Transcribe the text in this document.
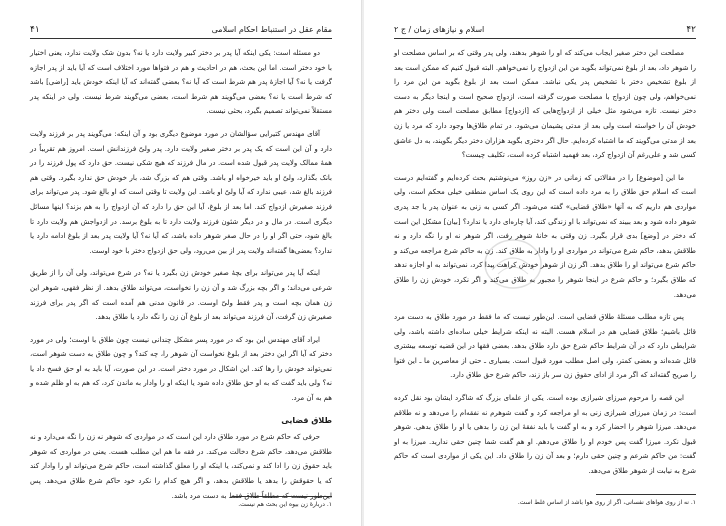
۴۱	مقام عقل در استنباط احکام اسلامی

دو مسئله است: یکی اینکه آیا پدر بر دختر کبیر ولایت دارد یا نه؟ بدون شک ولایت ندارد، یعنی اختیار با خود دختر است. اما این بحث، هم در احادیث و هم در فتواها مورد اختلاف است که آیا باید از پدر اجازه گرفت یا نه؟ آیا اجازهٔ پدر هم شرط است که آیا نه؟ بعضی گفته‌اند که آیا اینکه خودش باید [راضی] باشد که شرط است یا نه؟ بعضی می‌گویند هم شرط است، بعضی می‌گویند شرط نیست. ولی در اینکه پدر مستقلاً نمی‌تواند تصمیم بگیرد، بحثی نیست.

آقای مهندس کتیرایی سؤالشان در مورد موضوع دیگری بود و آن اینکه: می‌گویند پدر بر فرزند ولایت دارد و آن این است که یک پدر بر دختر صغیر ولایت دارد. پدر ولیّ فرزندانش است. امروز هم تقریباً در همهٔ ممالک ولایت پدر قبول شده است. در مال فرزند که هیچ شکی نیست. حق دارد که پول فرزند را در بانک بگذارد، ولیّ او باید خیرخواه او باشد. وقتی هم که بزرگ شد، بار خودش حق ندارد بگیرد. وقتی هم فرزند بالغ شد، عیبی ندارد که آیا ولیّ او باشد. این ولایت تا وقتی است که او بالغ شود. پدر می‌تواند برای فرزند صغیرش ازدواج کند. اما بعد از بلوغ، آیا این حق را دارد که آن ازدواج را به هم بزند؟ اینها مسائل دیگری است. در مال و در دیگر شئون فرزند ولایت دارد تا به بلوغ برسد. در ازدواجش هم ولایت دارد تا بالغ شود، حتی اگر او را در حال صغر شوهر داده باشد، که آیا نه؟ آیا ولایت پدر بعد از بلوغ ادامه دارد یا ندارد؟ بعضی‌ها گفته‌اند ولایت پدر از بین می‌رود، ولی حق ازدواج دختر با خود اوست.

اینکه آیا پدر می‌تواند برای بچهٔ صغیر خودش زن بگیرد یا نه؟ در شرع می‌تواند، ولی آن را از طریق شرعی می‌داند؛ و اگر بچه بزرگ شد و آن زن را نخواست، می‌تواند طلاق بدهد. از نظر فقهی، شوهر این زن همان بچه است و پدر فقط ولیّ اوست. در قانون مدنی هم آمده است که اگر پدر برای فرزند صغیرش زن گرفت، آن فرزند می‌تواند بعد از بلوغ آن زن را نگه دارد یا طلاق بدهد.

ایراد آقای مهندس این بود که در مورد پسر مشکل چندانی نیست چون طلاق با اوست؛ ولی در مورد دختر که آیا اگر این دختر بعد از بلوغ نخواست آن شوهر را، چه کند؟ و چون طلاق به دست شوهر است، نمی‌تواند خودش را رها کند. این اشکال در مورد دختر است. در این صورت، آیا باید به او حق فسخ داد یا نه؟ ولی باید گفت که به او حق طلاق داده شود یا اینکه او را وادار به ماندن کرد، که هم به او ظلم شده و هم به آن مرد.

طلاق قضایی

حرفی که حاکم شرع در مورد طلاق دارد این است که در مواردی که شوهر نه زن را نگه می‌دارد و نه طلاقش می‌دهد، حاکم شرع دخالت می‌کند. در فقه ما هم این مطلب هست. یعنی در مواردی که شوهر باید حقوق زن را ادا کند و نمی‌کند، یا اینکه او را معلق گذاشته است، حاکم شرع می‌تواند او را وادار کند که یا حقوقش را بدهد یا طلاقش بدهد، و اگر هیچ کدام را نکرد خود حاکم شرع طلاق می‌دهد. پس این‌طور نیست که مطلقاً طلاق فقط به دست مرد باشد.

۱. دربارهٔ زن بیوه این بحث هم نیست.
۴۲
اسلام و نیازهای زمان / ج ۲

مصلحت این دختر صغیر ایجاب می‌کند که او را شوهر بدهند، ولی پدر وقتی که بر اساس مصلحت او را شوهر داد، بعد از بلوغ نمی‌تواند بگوید من این ازدواج را نمی‌خواهم. البته قبول کنیم که ممکن است بعد از بلوغ تشخیص دختر با تشخیص پدر یکی نباشد. ممکن است بعد از بلوغ بگوید من این مرد را نمی‌خواهم، ولی چون ازدواج با مصلحت صورت گرفته است، ازدواج صحیح است و اینجا دیگر به دست دختر نیست. تازه می‌شود مثل خیلی از ازدواج‌هایی که [ازدواج] مطابق مصلحت است ولی دختر هم خودش آن را خواسته است ولی بعد از مدتی پشیمان می‌شود. در تمام طلاق‌ها وجود دارد که مرد یا زن بعد از مدتی می‌گویند که ما اشتباه کرده‌ایم. حال اگر دختری بگوید هزاران دختر دیگر بگویند، به دل عاشق کسی شد و علی‌رغم آن ازدواج کرد، بعد فهمید اشتباه کرده است، تکلیف چیست؟

ما این [موضوع] را در مقالاتی که زمانی در «زن روز» می‌نوشتیم بحث کرده‌ایم و گفته‌ایم درست است که اسلام حق طلاق را به مرد داده است که این روی یک اساس منطقی خیلی محکم است، ولی مواردی هم داریم که به آنها «طلاق قضایی» گفته می‌شود. اگر کسی به زنی به عنوان پدر یا جد پدری شوهر داده شود و بعد ببیند که نمی‌تواند با او زندگی کند، آیا چاره‌ای دارد یا ندارد؟ [بیان] مشکل این است که دختر در [وضع] بدی قرار بگیرد. زن وقتی به خانهٔ شوهر رفت، اگر شوهر نه او را نگه دارد و نه طلاقش بدهد، حاکم شرع می‌تواند در مواردی او را وادار به طلاق کند. زن به حاکم شرع مراجعه می‌کند و حاکم شرع می‌تواند او را طلاق بدهد. اگر زن از شوهر خودش کراهت پیدا کرد، نمی‌تواند به او اجازه ندهد که طلاق بگیرد؛ و حاکم شرع در اینجا شوهر را مجبور به طلاق می‌کند و اگر نکرد، خودش زن را طلاق می‌دهد.

پس تازه مطلب مسئلهٔ طلاق قضایی است. این‌طور نیست که ما فقط در مورد طلاق به دست مرد قائل باشیم؛ طلاق قضایی هم در اسلام هست. البته نه اینکه شرایط خیلی ساده‌ای داشته باشد، ولی شرایطی دارد که در آن شرایط حاکم شرع حق دارد طلاق بدهد. بعضی فقها در این قضیه توسعه بیشتری قائل شده‌اند و بعضی کمتر، ولی اصل مطلب مورد قبول است. بسیاری ـ حتی از معاصرین ما ـ این فتوا را صریح گفته‌اند که اگر مرد از ادای حقوق زن سر باز زند، حاکم شرع حق طلاق دارد.

این قصه را مرحوم میرزای شیرازی بوده است. یکی از علمای بزرگ که شاگرد ایشان بود نقل کرده است: در زمان میرزای شیرازی زنی به او مراجعه کرد و گفت شوهرم نه نفقه‌ام را می‌دهد و نه طلاقم می‌دهد. میرزا شوهر را احضار کرد و به او گفت یا باید نفقهٔ این زن را بدهی یا او را طلاق بدهی. شوهر قبول نکرد. میرزا گفت پس خودم او را طلاق می‌دهم. او هم گفت شما چنین حقی ندارید. میرزا به او گفت: من حاکم شرعم و چنین حقی دارم؛ و بعد آن زن را طلاق داد. این یکی از مواردی است که حاکم شرع به نیابت از شوهر طلاق می‌دهد.

۱. نه از روی هواهای نفسانی، اگر از روی هوا باشد از اساس غلط است.
